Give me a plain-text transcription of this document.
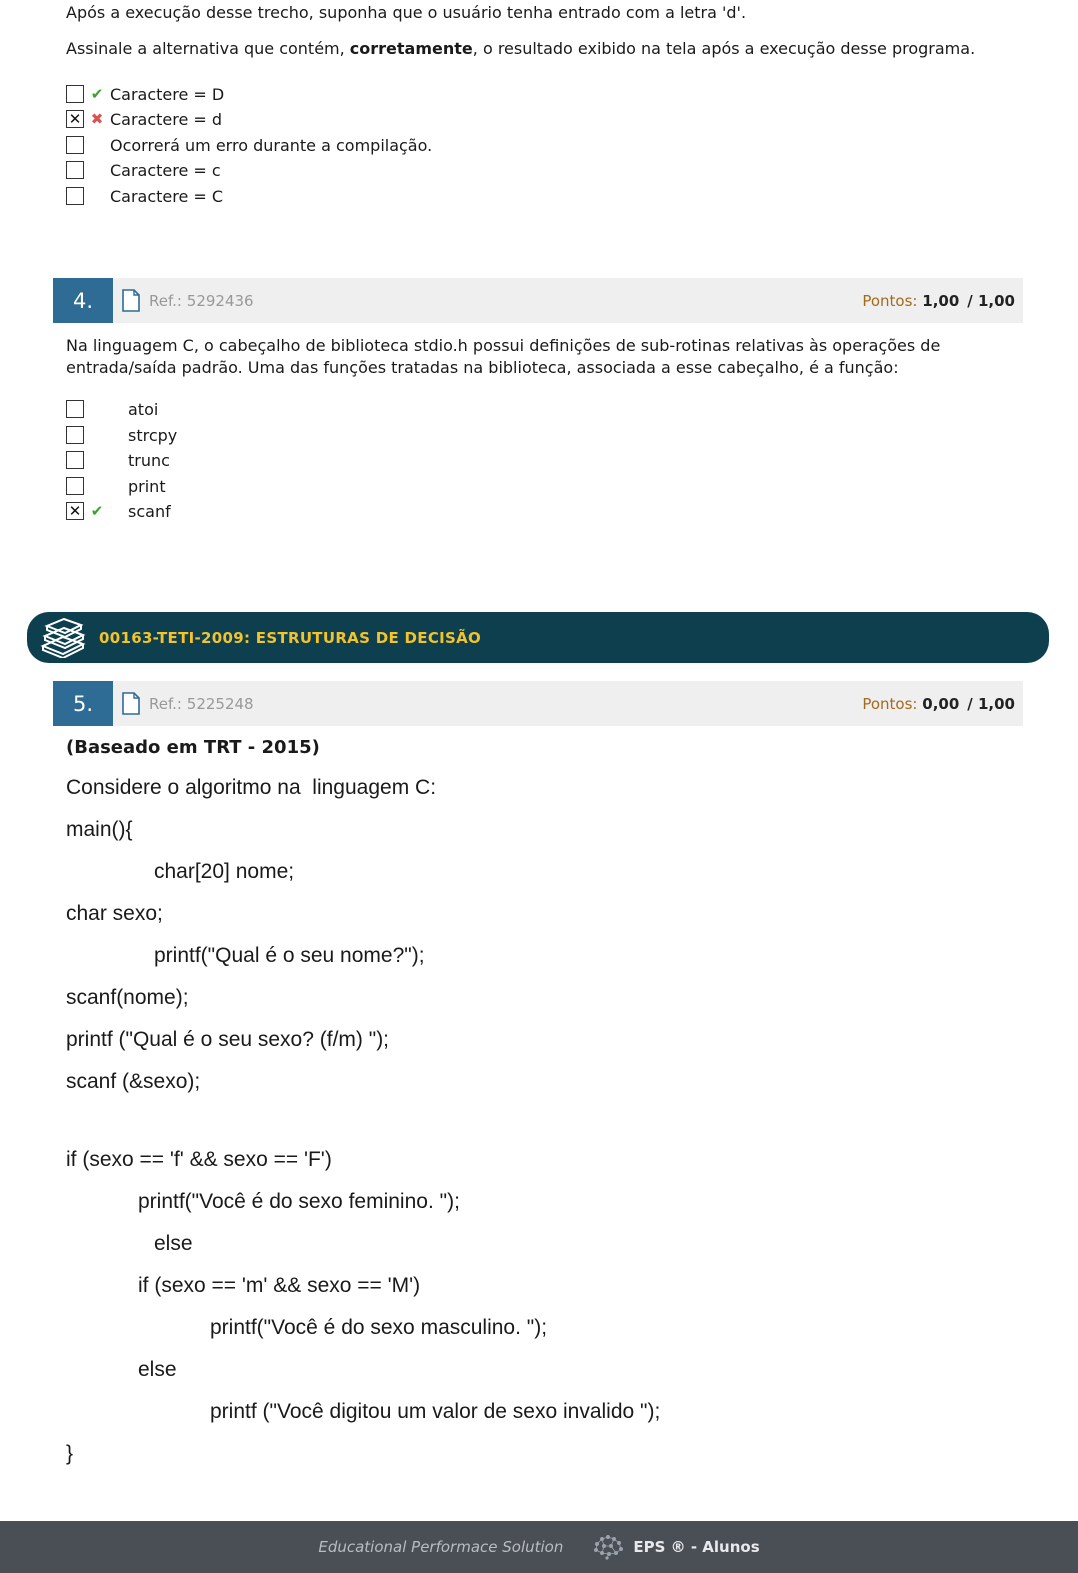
Após a execução desse trecho, suponha que o usuário tenha entrado com a letra 'd'.
Assinale a alternativa que contém, corretamente, o resultado exibido na tela após a execução desse programa.
✔ Caractere = D
✕ ✖ Caractere = d
Ocorrerá um erro durante a compilação.
Caractere = c
Caractere = C
4.	Ref.: 5292436	Pontos: 1,00 / 1,00
Na linguagem C, o cabeçalho de biblioteca stdio.h possui definições de sub-rotinas relativas às operações de entrada/saída padrão. Uma das funções tratadas na biblioteca, associada a esse cabeçalho, é a função:
atoi
strcpy
trunc
print
✕ ✔ scanf
00163-TETI-2009: ESTRUTURAS DE DECISÃO
5.	Ref.: 5225248	Pontos: 0,00 / 1,00
(Baseado em TRT - 2015)
Considere o algoritmo na  linguagem C:
main(){
char[20] nome;
char sexo;
printf("Qual é o seu nome?");
scanf(nome);
printf ("Qual é o seu sexo? (f/m) ");
scanf (&sexo);
if (sexo == 'f' && sexo == 'F')
printf("Você é do sexo feminino. ");
else
if (sexo == 'm' && sexo == 'M')
printf("Você é do sexo masculino. ");
else
printf ("Você digitou um valor de sexo invalido ");
}
Educational Performace Solution	EPS ® - Alunos
